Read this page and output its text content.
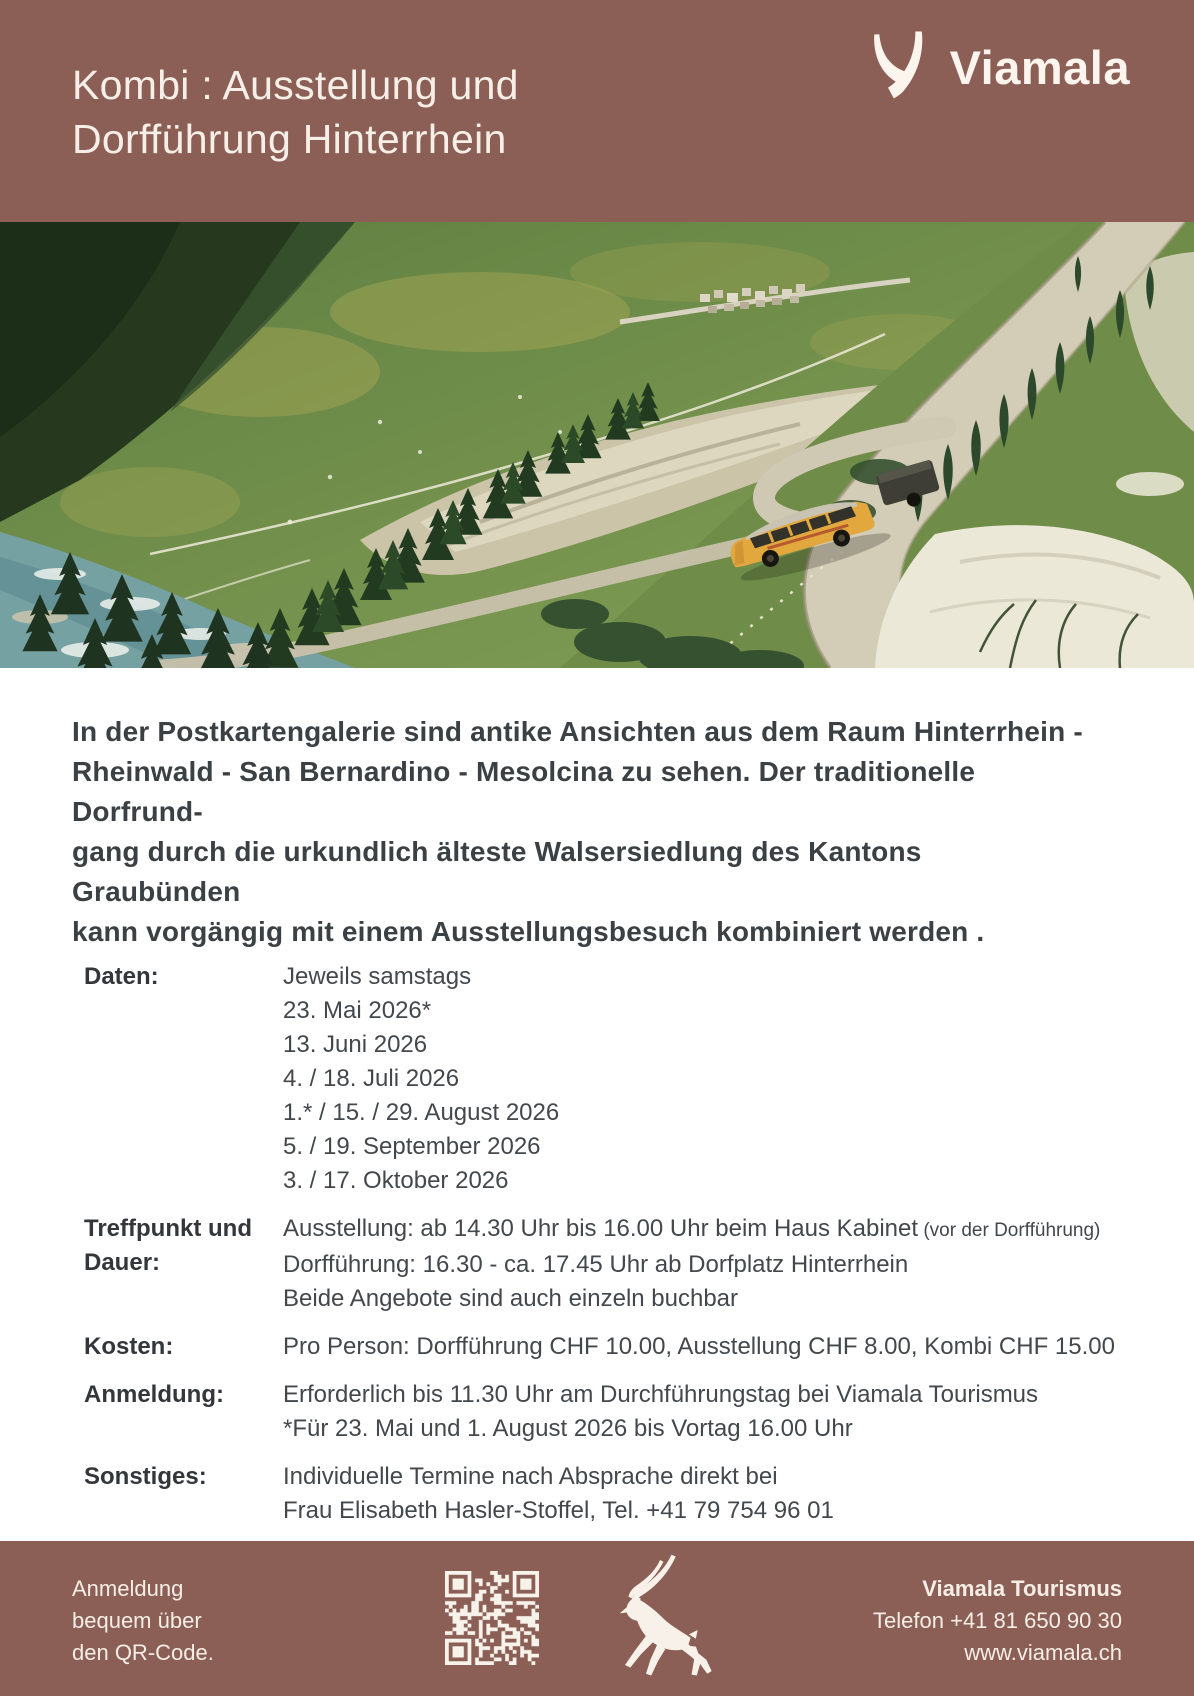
Kombi : Ausstellung und
Dorfführung Hinterrhein
Viamala
In der Postkartengalerie sind antike Ansichten aus dem Raum Hinterrhein -
Rheinwald - San Bernardino - Mesolcina zu sehen. Der traditionelle Dorfrund-
gang durch die urkundlich älteste Walsersiedlung des Kantons Graubünden
kann vorgängig mit einem Ausstellungsbesuch kombiniert werden .
Daten:	Jeweils samstags
23. Mai 2026*
13. Juni 2026
4. / 18. Juli 2026
1.* / 15. / 29. August 2026
5. / 19. September 2026
3. / 17. Oktober 2026
Treffpunkt und
Dauer:
Ausstellung: ab 14.30 Uhr bis 16.00 Uhr beim Haus Kabinet (vor der Dorfführung)
Dorfführung: 16.30 - ca. 17.45 Uhr ab Dorfplatz Hinterrhein
Beide Angebote sind auch einzeln buchbar
Kosten:	Pro Person: Dorfführung CHF 10.00, Ausstellung CHF 8.00, Kombi CHF 15.00
Anmeldung:	Erforderlich bis 11.30 Uhr am Durchführungstag bei Viamala Tourismus
*Für 23. Mai und 1. August 2026 bis Vortag 16.00 Uhr
Sonstiges:	Individuelle Termine nach Absprache direkt bei
Frau Elisabeth Hasler-Stoffel, Tel. +41 79 754 96 01
Anmeldung
bequem über
den QR-Code.
Viamala Tourismus
Telefon +41 81 650 90 30
www.viamala.ch
